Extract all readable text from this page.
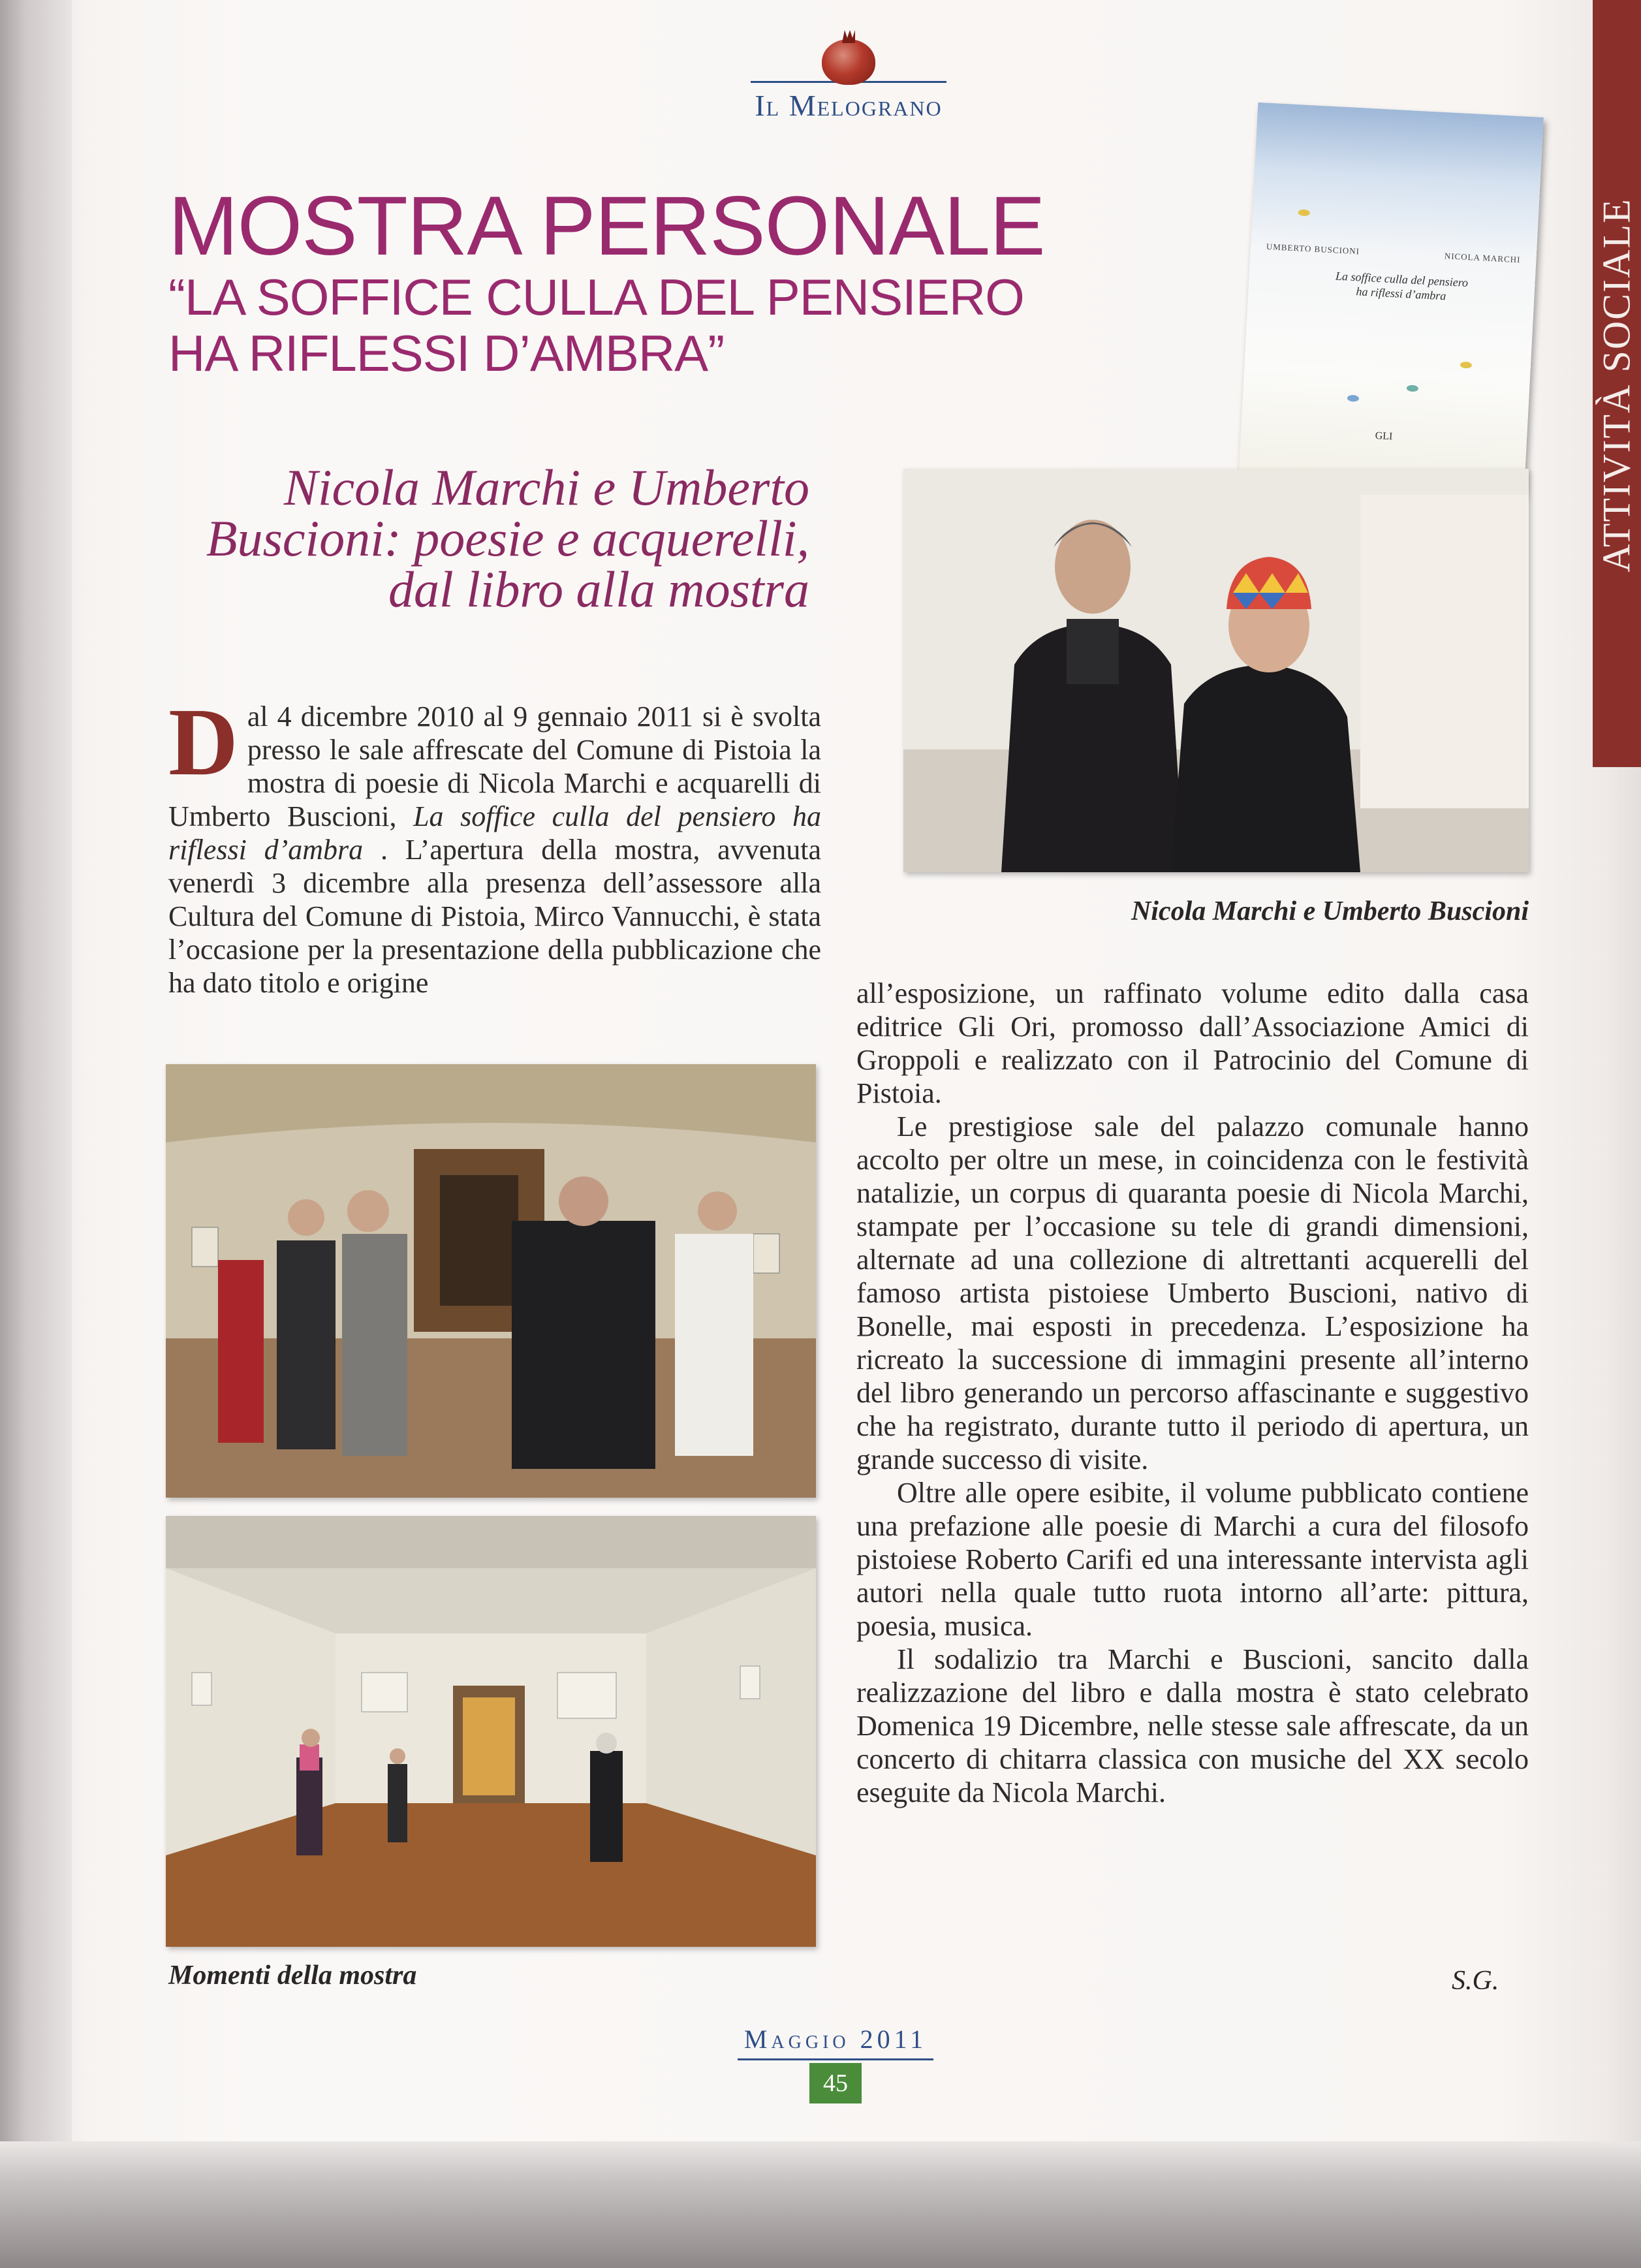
Il Melograno
ATTIVITÀ SOCIALE
MOSTRA PERSONALE
“LA SOFFICE CULLA DEL PENSIERO
HA RIFLESSI D’AMBRA”
Nicola Marchi e Umberto
Buscioni: poesie e acquerelli,
dal libro alla mostra
UMBERTO BUSCIONI
NICOLA MARCHI
La soffice culla del pensiero
ha riflessi d’ambra
GLI
Nicola Marchi e Umberto Buscioni

D al 4 dicembre 2010 al 9 gennaio 2011 si è svolta presso le sale affrescate del Comune di Pistoia la mostra di poesie di Nicola Marchi e acquarelli di Umberto Buscioni, La soffice culla del pensiero ha riflessi d’ambra . L’apertura della mostra, avvenuta venerdì 3 dicembre alla presenza dell’assessore alla Cultura del Comune di Pistoia, Mirco Vannucchi, è stata l’occasione per la presentazione della pubblicazione che ha dato titolo e origine

Momenti della mostra

all’esposizione, un raffinato volume edito dalla casa editrice Gli Ori, promosso dall’Associazione Amici di Groppoli e realizzato con il Patrocinio del Comune di Pistoia.

Le prestigiose sale del palazzo comunale hanno accolto per oltre un mese, in coincidenza con le festività natalizie, un corpus di quaranta poesie di Nicola Marchi, stampate per l’occasione su tele di grandi dimensioni, alternate ad una collezione di altrettanti acquerelli del famoso artista pistoiese Umberto Buscioni, nativo di Bonelle, mai esposti in precedenza. L’esposizione ha ricreato la successione di immagini presente all’interno del libro generando un percorso affascinante e suggestivo che ha registrato, durante tutto il periodo di apertura, un grande successo di visite.

Oltre alle opere esibite, il volume pubblicato contiene una prefazione alle poesie di Marchi a cura del filosofo pistoiese Roberto Carifi ed una interessante intervista agli autori nella quale tutto ruota intorno all’arte: pittura, poesia, musica.

Il sodalizio tra Marchi e Buscioni, sancito dalla realizzazione del libro e dalla mostra è stato celebrato Domenica 19 Dicembre, nelle stesse sale affrescate, da un concerto di chitarra classica con musiche del XX secolo eseguite da Nicola Marchi.

S.G.
Maggio 2011
45
